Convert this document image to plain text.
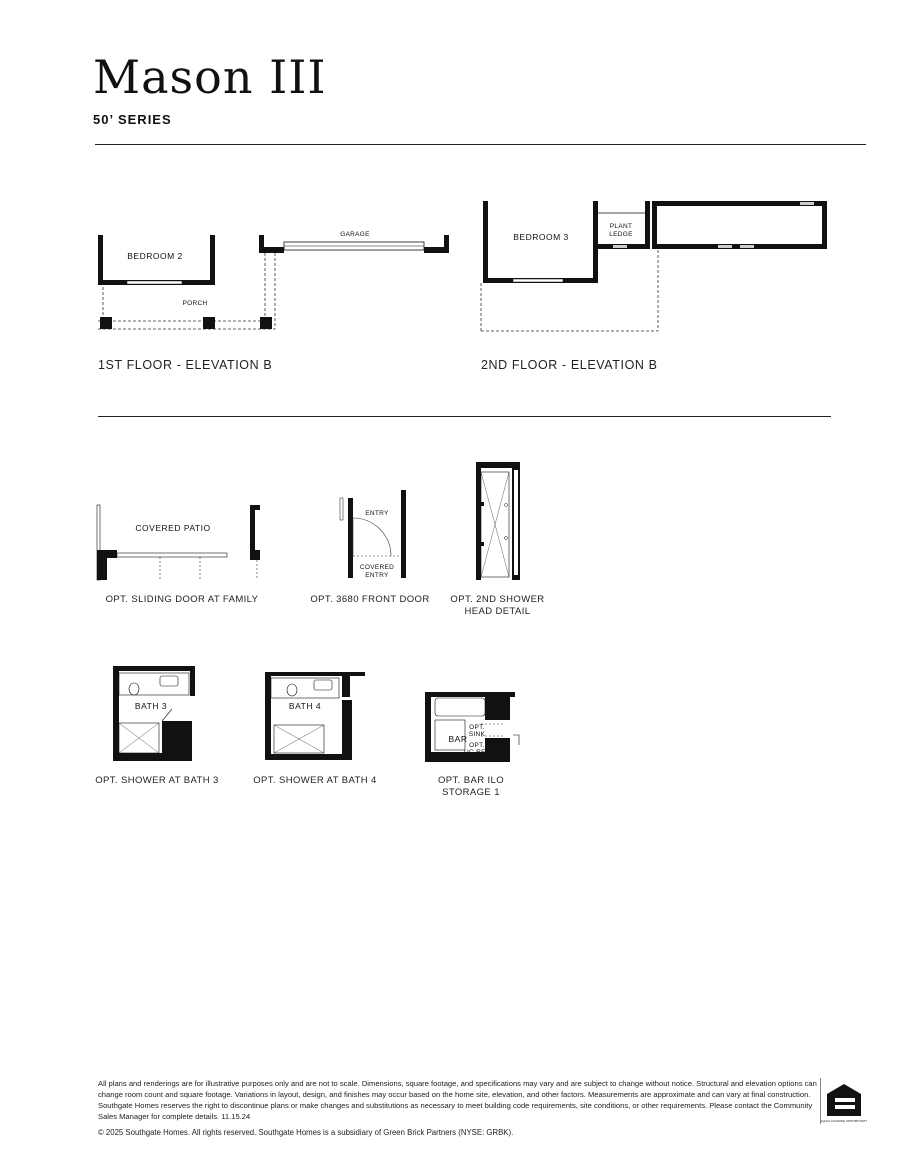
Mason III
50’ SERIES
BEDROOM 2
PORCH
GARAGE
1ST FLOOR - ELEVATION B
BEDROOM 3
PLANT
LEDGE
2ND FLOOR - ELEVATION B
COVERED PATIO
OPT. SLIDING DOOR AT FAMILY
ENTRY
COVERED
ENTRY
OPT. 3680 FRONT DOOR	OPT. 2ND SHOWER
HEAD DETAIL
BATH 3
OPT. SHOWER AT BATH 3
BATH 4
OPT. SHOWER AT BATH 4
BAR
OPT.
SINK
OPT.
UC REF
OPT. BAR ILO
STORAGE 1
All plans and renderings are for illustrative purposes only and are not to scale. Dimensions, square footage, and specifications may vary and are subject to change without notice. Structural and elevation options can change room count and square footage. Variations in layout, design, and finishes may occur based on the home site, elevation, and other factors. Measurements are approximate and can vary at final construction. Southgate Homes reserves the right to discontinue plans or make changes and substitutions as necessary to meet building code requirements, site conditions, or other requirements. Please contact the Community Sales Manager for complete details. 11.15.24
© 2025 Southgate Homes. All rights reserved. Southgate Homes is a subsidiary of Green Brick Partners (NYSE: GRBK).
EQUAL HOUSING OPPORTUNITY
